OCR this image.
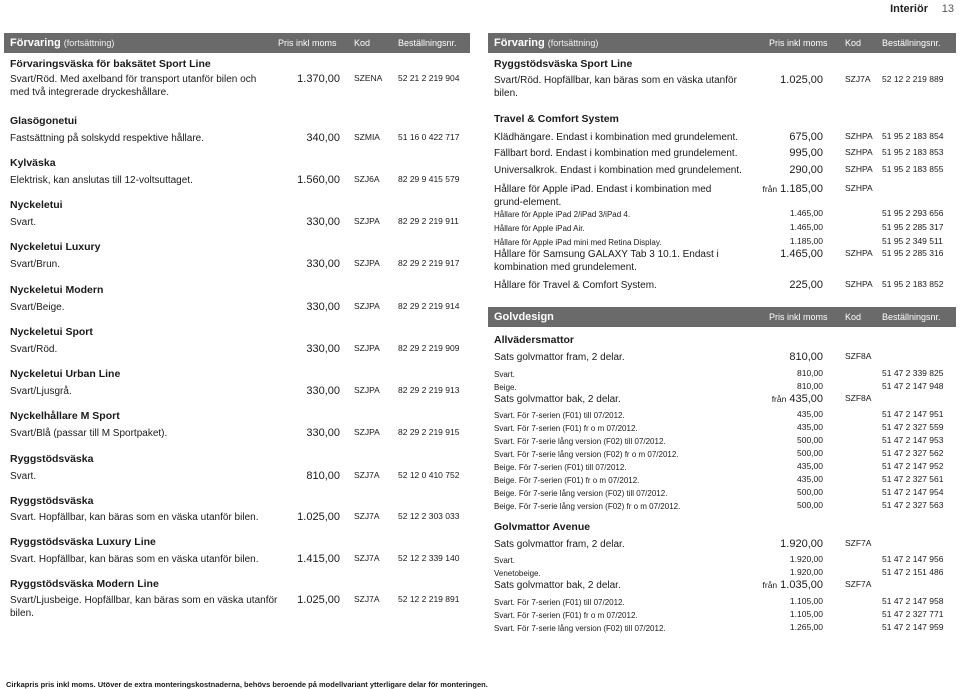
Interiör 13
Förvaring (fortsättning)	Pris inkl moms Kod	Beställningsnr.
Förvaringsväska för baksätet Sport Line
Svart/Röd. Med axelband för transport utanför bilen och med två integrerade dryckeshållare.
1.370,00 SZENA 52 21 2 219 904
Glasögonetui
Fastsättning på solskydd respektive hållare.	340,00 SZMIA 51 16 0 422 717
Kylväska
Elektrisk, kan anslutas till 12-voltsuttaget.	1.560,00 SZJ6A 82 29 9 415 579
Nyckeletui
Svart.	330,00 SZJPA 82 29 2 219 911
Nyckeletui Luxury
Svart/Brun.	330,00 SZJPA 82 29 2 219 917
Nyckeletui Modern
Svart/Beige.	330,00 SZJPA 82 29 2 219 914
Nyckeletui Sport
Svart/Röd.	330,00 SZJPA 82 29 2 219 909
Nyckeletui Urban Line
Svart/Ljusgrå.	330,00 SZJPA 82 29 2 219 913
Nyckelhållare M Sport
Svart/Blå (passar till M Sportpaket).	330,00 SZJPA 82 29 2 219 915
Ryggstödsväska
Svart.	810,00 SZJ7A 52 12 0 410 752
Ryggstödsväska
Svart. Hopfällbar, kan bäras som en väska utanför bilen.	1.025,00 SZJ7A 52 12 2 303 033
Ryggstödsväska Luxury Line
Svart. Hopfällbar, kan bäras som en väska utanför bilen.	1.415,00 SZJ7A 52 12 2 339 140
Ryggstödsväska Modern Line
Svart/Ljusbeige. Hopfällbar, kan bäras som en väska utanför bilen.
1.025,00 SZJ7A 52 12 2 219 891
Förvaring (fortsättning)	Pris inkl moms Kod Beställningsnr.
Ryggstödsväska Sport Line
Svart/Röd. Hopfällbar, kan bäras som en väska utanför bilen.
1.025,00	SZJ7A 52 12 2 219 889
Travel & Comfort System
Klädhängare. Endast i kombination med grundelement.	675,00	SZHPA 51 95 2 183 854
Fällbart bord. Endast i kombination med grundelement.	995,00	SZHPA 51 95 2 183 853
Universalkrok. Endast i kombination med grundelement.	290,00	SZHPA 51 95 2 183 855
Hållare för Apple iPad. Endast i kombination med grund-element.
från 1.185,00	SZHPA
Hållare för Apple iPad 2/iPad 3/iPad 4.	1.465,00	51 95 2 293 656
Hållare för Apple iPad Air.	1.465,00	51 95 2 285 317
Hållare för Apple iPad mini med Retina Display.	1.185,00	51 95 2 349 511
Hållare för Samsung GALAXY Tab 3 10.1. Endast i kombination med grundelement.
1.465,00	SZHPA 51 95 2 285 316
Hållare för Travel & Comfort System.	225,00	SZHPA 51 95 2 183 852
Golvdesign	Pris inkl moms Kod Beställningsnr.
Allvädersmattor
Sats golvmattor fram, 2 delar.	810,00	SZF8A
Svart.	810,00	51 47 2 339 825
Beige.	810,00	51 47 2 147 948
Sats golvmattor bak, 2 delar.	från 435,00	SZF8A
Svart. För 7-serien (F01) till 07/2012.	435,00	51 47 2 147 951
Svart. För 7-serien (F01) fr o m 07/2012.	435,00	51 47 2 327 559
Svart. För 7-serie lång version (F02) till 07/2012.	500,00	51 47 2 147 953
Svart. För 7-serie lång version (F02) fr o m 07/2012.	500,00	51 47 2 327 562
Beige. För 7-serien (F01) till 07/2012.	435,00	51 47 2 147 952
Beige. För 7-serien (F01) fr o m 07/2012.	435,00	51 47 2 327 561
Beige. För 7-serie lång version (F02) till 07/2012.	500,00	51 47 2 147 954
Beige. För 7-serie lång version (F02) fr o m 07/2012.	500,00	51 47 2 327 563
Golvmattor Avenue
Sats golvmattor fram, 2 delar.	1.920,00	SZF7A
Svart.	1.920,00	51 47 2 147 956
Venetobeige.	1.920,00	51 47 2 151 486
Sats golvmattor bak, 2 delar.	från 1.035,00	SZF7A
Svart. För 7-serien (F01) till 07/2012.	1.105,00	51 47 2 147 958
Svart. För 7-serien (F01) fr o m 07/2012.	1.105,00	51 47 2 327 771
Svart. För 7-serie lång version (F02) till 07/2012.	1.265,00	51 47 2 147 959
Cirkapris pris inkl moms. Utöver de extra monteringskostnaderna, behövs beroende på modellvariant ytterligare delar för monteringen.
